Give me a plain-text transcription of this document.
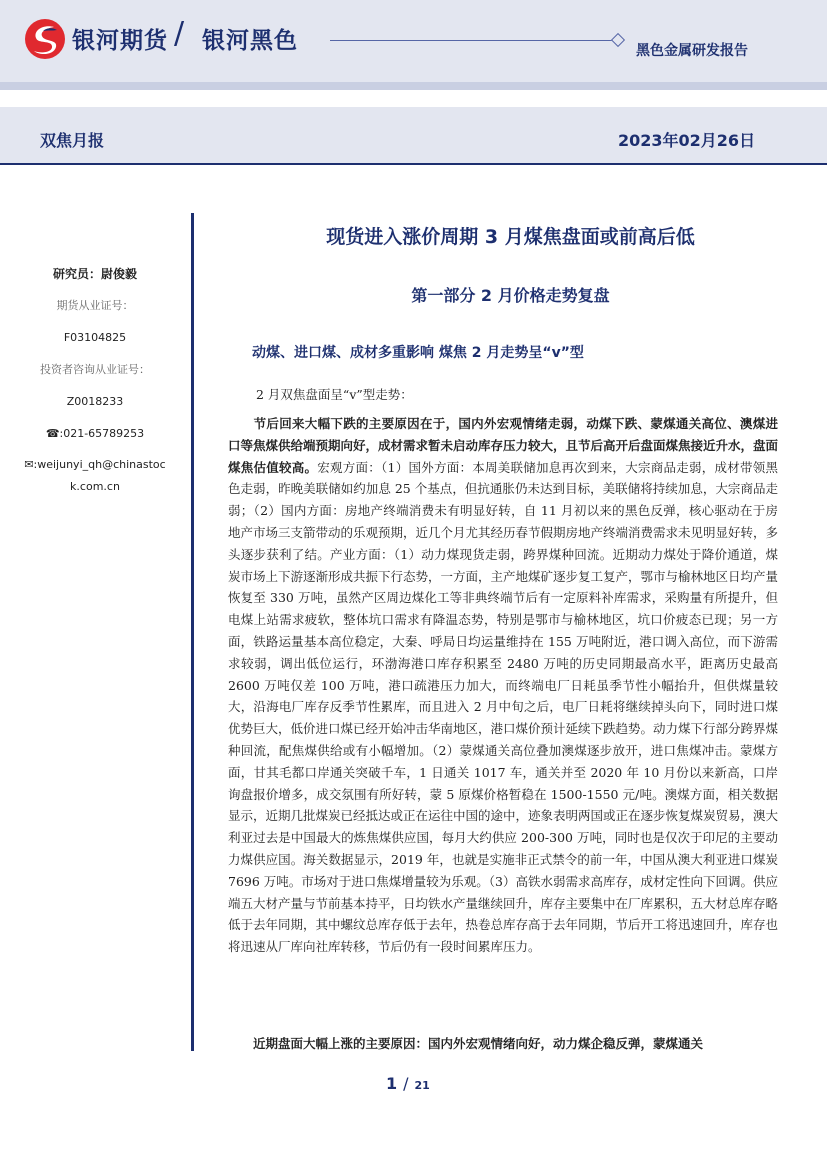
银河期货 / 银河黑色	黑色金属研发报告
双焦月报	2023年02月26日
研究员：尉俊毅
期货从业证号：
F03104825
投资者咨询从业证号：
Z0018233
☎:021-65789253
✉:weijunyi_qh@chinastock.com.cn
现货进入涨价周期 3 月煤焦盘面或前高后低
第一部分 2 月价格走势复盘
动煤、进口煤、成材多重影响 煤焦 2 月走势呈“v”型
2 月双焦盘面呈“v”型走势：
　　节后回来大幅下跌的主要原因在于，国内外宏观情绪走弱，动煤下跌、蒙煤通关高位、澳煤进口等焦煤供给端预期向好，成材需求暂未启动库存压力较大，且节后高开后盘面煤焦接近升水，盘面煤焦估值较高。宏观方面：（1）国外方面：本周美联储加息再次到来，大宗商品走弱，成材带领黑色走弱，昨晚美联储如约加息 25 个基点，但抗通胀仍未达到目标，美联储将持续加息，大宗商品走弱；（2）国内方面：房地产终端消费未有明显好转，自 11 月初以来的黑色反弹，核心驱动在于房地产市场三支箭带动的乐观预期，近几个月尤其经历春节假期房地产终端消费需求未见明显好转，多头逐步获利了结。产业方面：（1）动力煤现货走弱，跨界煤种回流。近期动力煤处于降价通道，煤炭市场上下游逐渐形成共振下行态势，一方面，主产地煤矿逐步复工复产，鄂市与榆林地区日均产量恢复至 330 万吨，虽然产区周边煤化工等非典终端节后有一定原料补库需求，采购量有所提升，但电煤上站需求疲软，整体坑口需求有降温态势，特别是鄂市与榆林地区，坑口价疲态已现；另一方面，铁路运量基本高位稳定，大秦、呼局日均运量维持在 155 万吨附近，港口调入高位，而下游需求较弱，调出低位运行，环渤海港口库存积累至 2480 万吨的历史同期最高水平，距离历史最高 2600 万吨仅差 100 万吨，港口疏港压力加大，而终端电厂日耗虽季节性小幅抬升，但供煤量较大，沿海电厂库存反季节性累库，而且进入 2 月中旬之后，电厂日耗将继续掉头向下，同时进口煤优势巨大，低价进口煤已经开始冲击华南地区，港口煤价预计延续下跌趋势。动力煤下行部分跨界煤种回流，配焦煤供给或有小幅增加。（2）蒙煤通关高位叠加澳煤逐步放开，进口焦煤冲击。蒙煤方面，甘其毛都口岸通关突破千车，1 日通关 1017 车，通关并至 2020 年 10 月份以来新高，口岸询盘报价增多，成交氛围有所好转，蒙 5 原煤价格暂稳在 1500-1550 元/吨。澳煤方面，相关数据显示，近期几批煤炭已经抵达或正在运往中国的途中，迹象表明两国或正在逐步恢复煤炭贸易，澳大利亚过去是中国最大的炼焦煤供应国，每月大约供应 200-300 万吨，同时也是仅次于印尼的主要动力煤供应国。海关数据显示，2019 年，也就是实施非正式禁令的前一年，中国从澳大利亚进口煤炭 7696 万吨。市场对于进口焦煤增量较为乐观。（3）高铁水弱需求高库存，成材定性向下回调。供应端五大材产量与节前基本持平，日均铁水产量继续回升，库存主要集中在厂库累积，五大材总库存略低于去年同期，其中螺纹总库存低于去年，热卷总库存高于去年同期，节后开工将迅速回升，库存也将迅速从厂库向社库转移，节后仍有一段时间累库压力。
　　近期盘面大幅上涨的主要原因：国内外宏观情绪向好，动力煤企稳反弹，蒙煤通关
1 / 21
